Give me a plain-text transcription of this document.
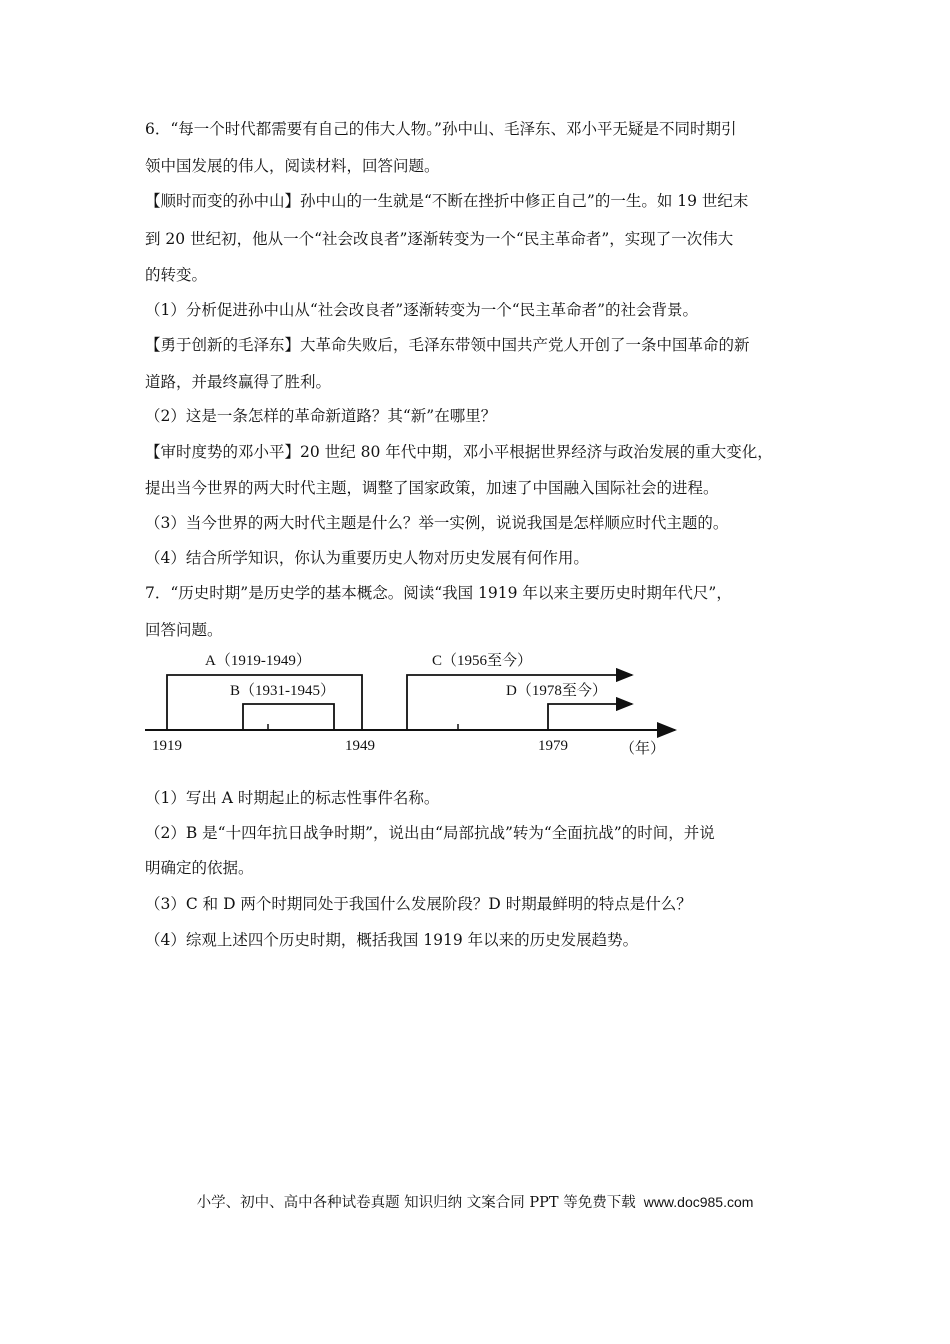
6．“每一个时代都需要有自己的伟大人物。”孙中山、毛泽东、邓小平无疑是不同时期引
领中国发展的伟人，阅读材料，回答问题。
【顺时而变的孙中山】孙中山的一生就是“不断在挫折中修正自己”的一生。如 19 世纪末
到 20 世纪初，他从一个“社会改良者”逐渐转变为一个“民主革命者”，实现了一次伟大
的转变。
（1）分析促进孙中山从“社会改良者”逐渐转变为一个“民主革命者”的社会背景。
【勇于创新的毛泽东】大革命失败后，毛泽东带领中国共产党人开创了一条中国革命的新
道路，并最终赢得了胜利。
（2）这是一条怎样的革命新道路？其“新”在哪里？
【审时度势的邓小平】20 世纪 80 年代中期，邓小平根据世界经济与政治发展的重大变化，
提出当今世界的两大时代主题，调整了国家政策，加速了中国融入国际社会的进程。
（3）当今世界的两大时代主题是什么？举一实例，说说我国是怎样顺应时代主题的。
（4）结合所学知识，你认为重要历史人物对历史发展有何作用。
7．“历史时期”是历史学的基本概念。阅读“我国 1919 年以来主要历史时期年代尺”，
回答问题。
A（1919-1949）
B（1931-1945）
C（1956至今）
D（1978至今）
1919	1949	1979	（年）
（1）写出 A 时期起止的标志性事件名称。
（2）B 是“十四年抗日战争时期”，说出由“局部抗战”转为“全面抗战”的时间，并说
明确定的依据。
（3）C 和 D 两个时期同处于我国什么发展阶段？D 时期最鲜明的特点是什么？
（4）综观上述四个历史时期，概括我国 1919 年以来的历史发展趋势。
小学、初中、高中各种试卷真题 知识归纳 文案合同 PPT 等免费下载 www.doc985.com
